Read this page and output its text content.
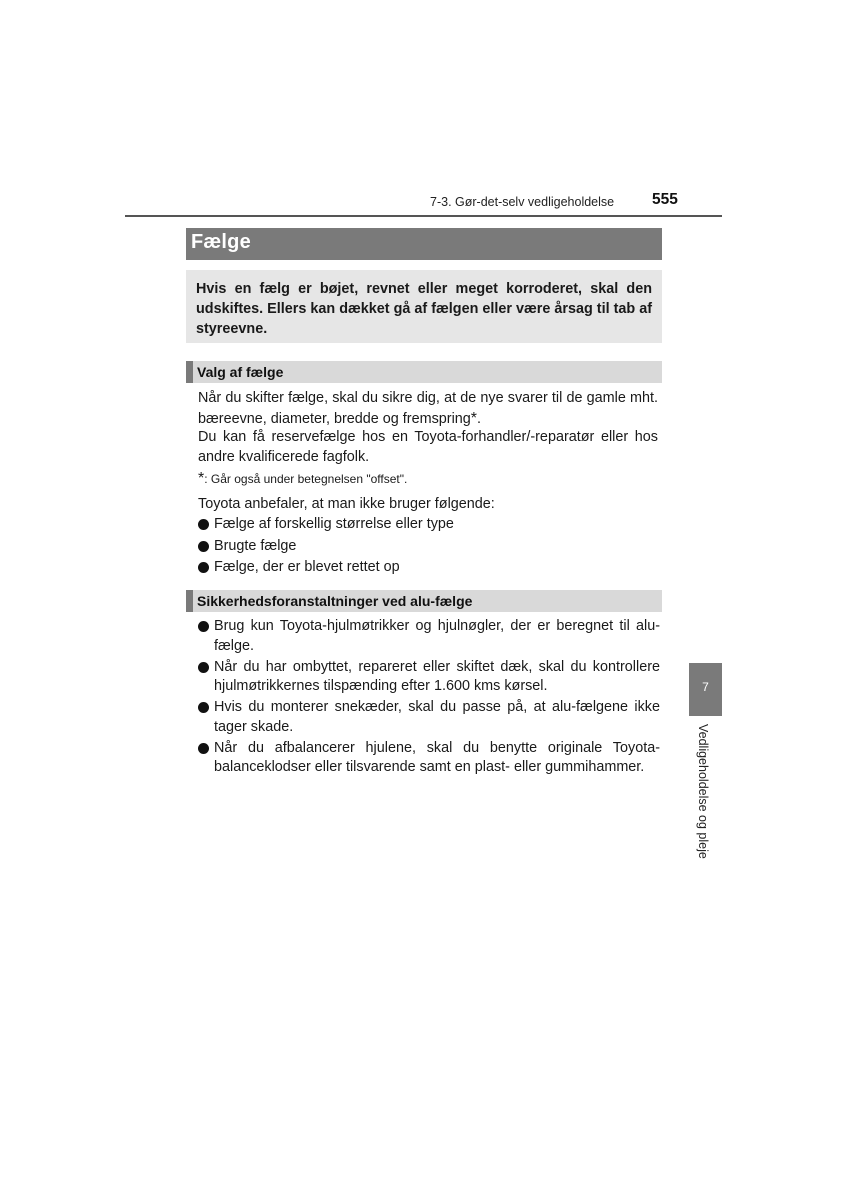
7-3. Gør-det-selv vedligeholdelse 555
Fælge
Hvis en fælg er bøjet, revnet eller meget korroderet, skal den udskiftes. Ellers kan dækket gå af fælgen eller være årsag til tab af styreevne.
Valg af fælge
Når du skifter fælge, skal du sikre dig, at de nye svarer til de gamle mht. bæreevne, diameter, bredde og fremspring*.
Du kan få reservefælge hos en Toyota-forhandler/-reparatør eller hos andre kvalificerede fagfolk.
*: Går også under betegnelsen "offset".
Toyota anbefaler, at man ikke bruger følgende:
Fælge af forskellig størrelse eller type
Brugte fælge
Fælge, der er blevet rettet op
Sikkerhedsforanstaltninger ved alu-fælge
Brug kun Toyota-hjulmøtrikker og hjulnøgler, der er beregnet til alu-fælge.
Når du har ombyttet, repareret eller skiftet dæk, skal du kontrollere hjulmøtrikkernes tilspænding efter 1.600 kms kørsel.
Hvis du monterer snekæder, skal du passe på, at alu-fælgene ikke tager skade.
Når du afbalancerer hjulene, skal du benytte originale Toyota-balanceklodser eller tilsvarende samt en plast- eller gummihammer.
7
Vedligeholdelse og pleje
